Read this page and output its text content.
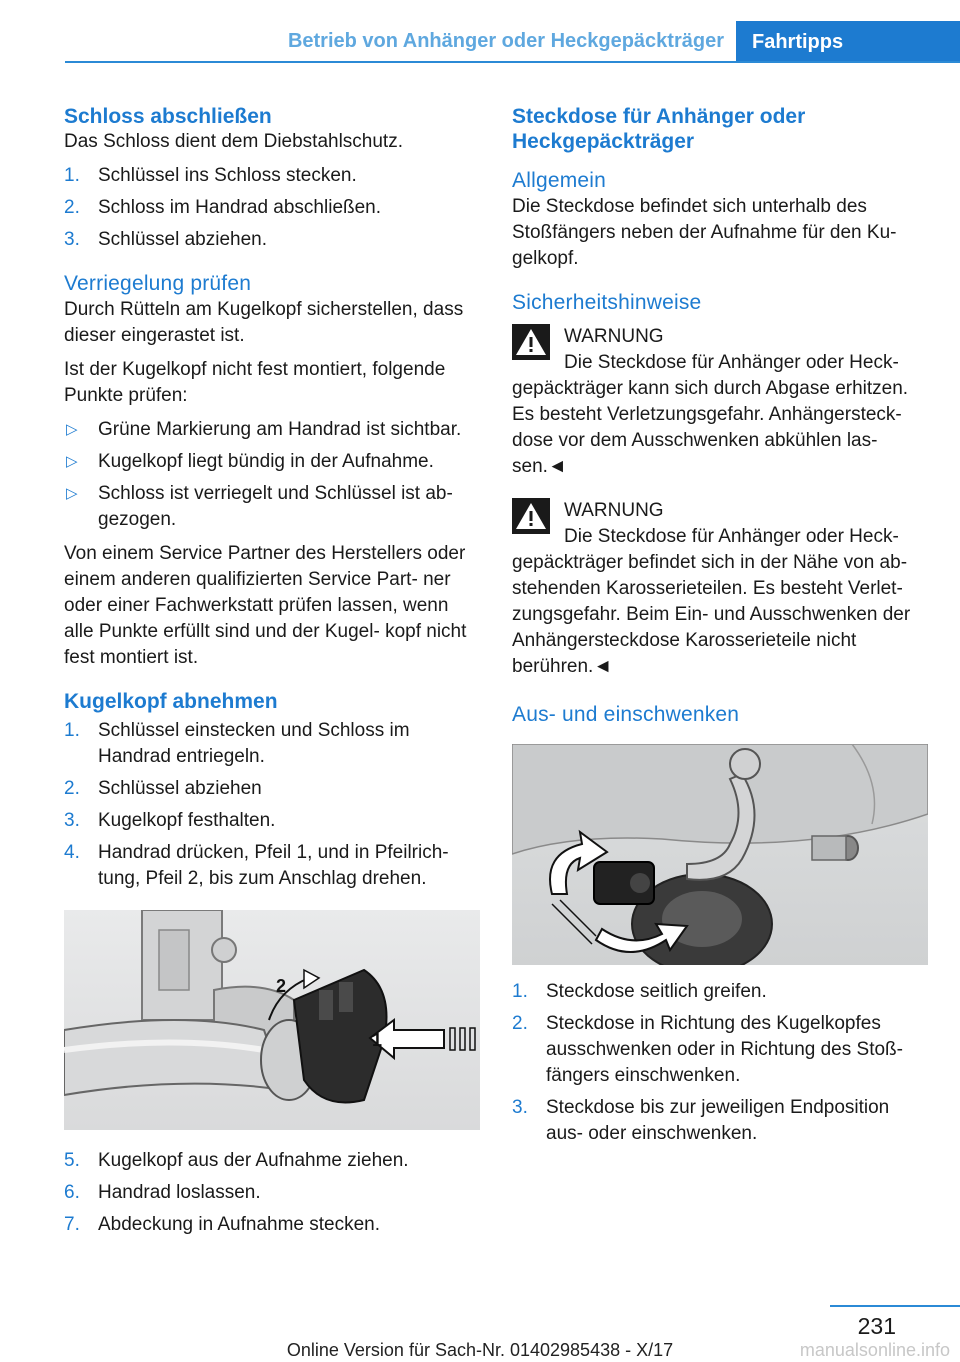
Betrieb von Anhänger oder Heckgepäckträger	Fahrtipps
Schloss abschließen

Das Schloss dient dem Diebstahlschutz.

1. Schlüssel ins Schloss stecken.
2. Schloss im Handrad abschließen.
3. Schlüssel abziehen.
Verriegelung prüfen

Durch Rütteln am Kugelkopf sicherstellen, dass dieser eingerastet ist.

Ist der Kugelkopf nicht fest montiert, folgende Punkte prüfen:

▷ Grüne Markierung am Handrad ist sichtbar.
▷ Kugelkopf liegt bündig in der Aufnahme.
▷ Schloss ist verriegelt und Schlüssel ist ab‐ gezogen.

Von einem Service Partner des Herstellers oder einem anderen qualifizierten Service Part‐ ner oder einer Fachwerkstatt prüfen lassen, wenn alle Punkte erfüllt sind und der Kugel‐ kopf nicht fest montiert ist.

Kugelkopf abnehmen
1. Schlüssel einstecken und Schloss im Handrad entriegeln.
2. Schlüssel abziehen
3. Kugelkopf festhalten.
4. Handrad drücken, Pfeil 1, und in Pfeilrich‐ tung, Pfeil 2, bis zum Anschlag drehen.
1
2
5. Kugelkopf aus der Aufnahme ziehen.
6. Handrad loslassen.
7. Abdeckung in Aufnahme stecken.
Steckdose für Anhänger oder Heckgepäckträger
Allgemein

Die Steckdose befindet sich unterhalb des Stoßfängers neben der Aufnahme für den Ku‐ gelkopf.

Sicherheitshinweise
WARNUNG
Die Steckdose für Anhänger oder Heck‐
gepäckträger kann sich durch Abgase erhitzen. Es besteht Verletzungsgefahr. Anhängersteck‐ dose vor dem Ausschwenken abkühlen las‐ sen.◄
WARNUNG
Die Steckdose für Anhänger oder Heck‐
gepäckträger befindet sich in der Nähe von ab‐ stehenden Karosserieteilen. Es besteht Verlet‐ zungsgefahr. Beim Ein- und Ausschwenken der Anhängersteckdose Karosserieteile nicht berühren.◄
Aus- und einschwenken
1. Steckdose seitlich greifen.
2. Steckdose in Richtung des Kugelkopfes ausschwenken oder in Richtung des Stoß‐ fängers einschwenken.
3. Steckdose bis zur jeweiligen Endposition aus- oder einschwenken.
231
Online Version für Sach-Nr. 01402985438 - X/17	manualsonline.info
